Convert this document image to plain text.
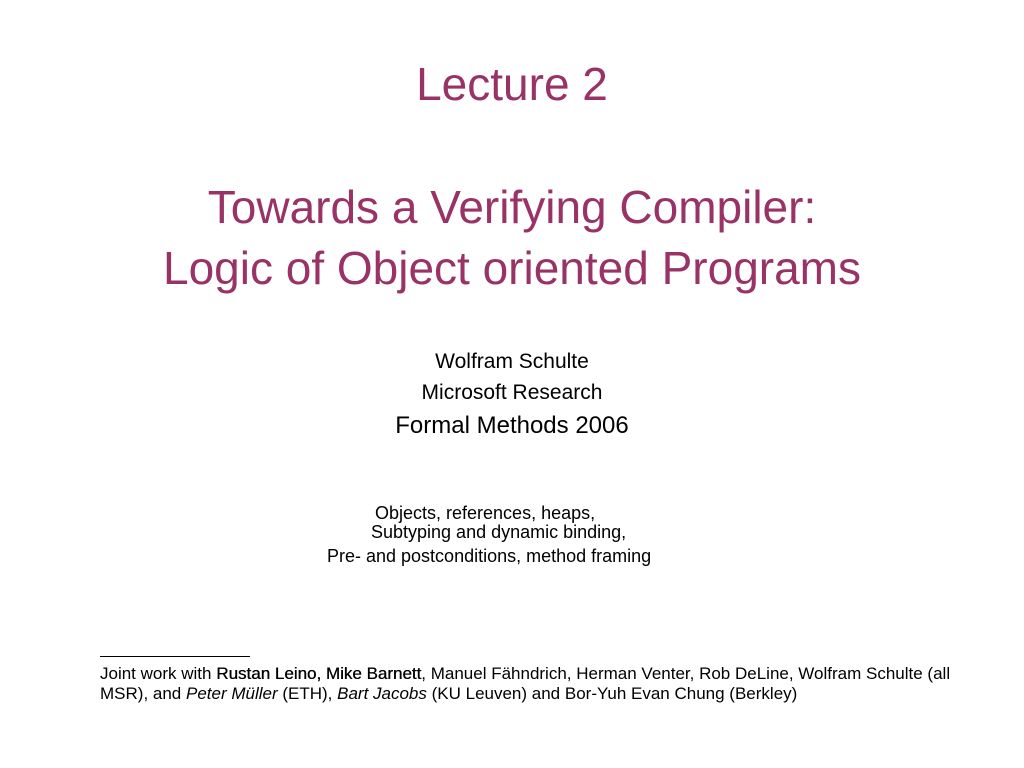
Lecture 2
Towards a Verifying Compiler:
Logic of Object oriented Programs

Wolfram Schulte

Microsoft Research

Formal Methods 2006

Objects, references, heaps,

Subtyping and dynamic binding,

Pre- and postconditions, method framing

Joint work with Rustan Leino, Mike Barnett, Manuel Fähndrich, Herman Venter, Rob DeLine, Wolfram Schulte (all MSR), and Peter Müller (ETH), Bart Jacobs (KU Leuven) and Bor-Yuh Evan Chung (Berkley)
